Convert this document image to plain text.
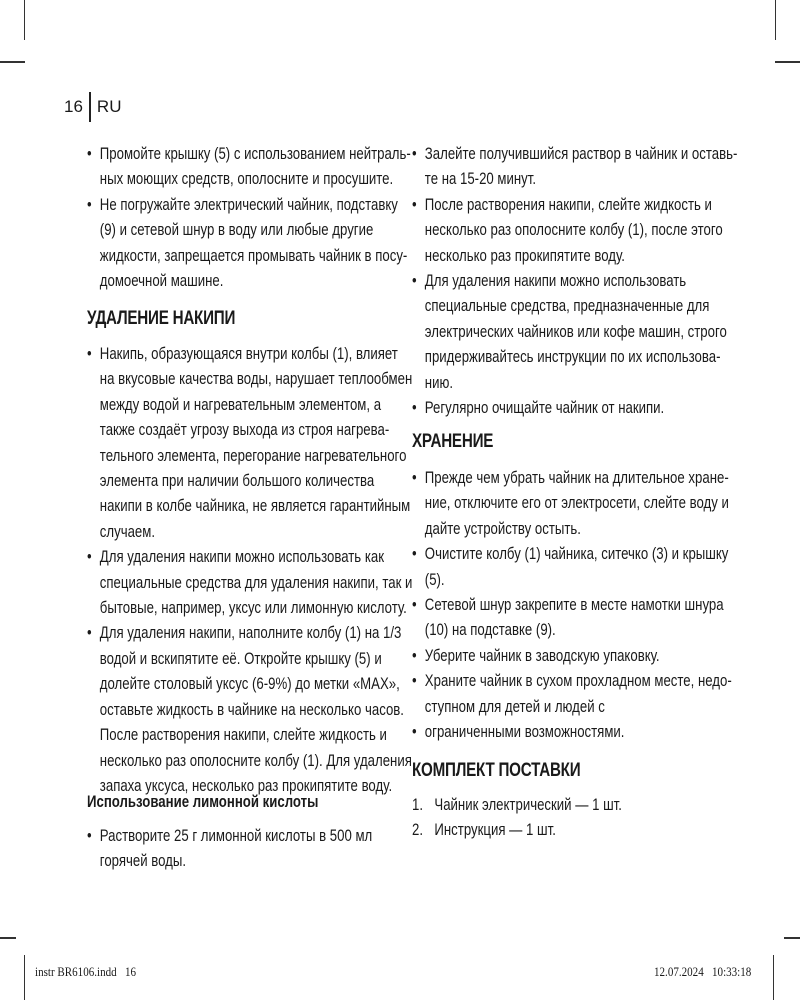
16 RU
• Промойте крышку (5) с использованием нейтраль-
ных моющих средств, ополосните и просушите.
• Не погружайте электрический чайник, подставку
(9) и сетевой шнур в воду или любые другие
жидкости, запрещается промывать чайник в посу-
домоечной машине.
УДАЛЕНИЕ НАКИПИ
• Накипь, образующаяся внутри колбы (1), влияет
на вкусовые качества воды, нарушает теплообмен
между водой и нагревательным элементом, а
также создаёт угрозу выхода из строя нагрева-
тельного элемента, перегорание нагревательного
элемента при наличии большого количества
накипи в колбе чайника, не является гарантийным
случаем.
• Для удаления накипи можно использовать как
специальные средства для удаления накипи, так и
бытовые, например, уксус или лимонную кислоту.
• Для удаления накипи, наполните колбу (1) на 1/3
водой и вскипятите её. Откройте крышку (5) и
долейте столовый уксус (6-9%) до метки «MAX»,
оставьте жидкость в чайнике на несколько часов.
После растворения накипи, слейте жидкость и
несколько раз ополосните колбу (1). Для удаления
запаха уксуса, несколько раз прокипятите воду.
Использование лимонной кислоты
• Растворите 25 г лимонной кислоты в 500 мл
горячей воды.
• Залейте получившийся раствор в чайник и оставь-
те на 15-20 минут.
• После растворения накипи, слейте жидкость и
несколько раз ополосните колбу (1), после этого
несколько раз прокипятите воду.
• Для удаления накипи можно использовать
специальные средства, предназначенные для
электрических чайников или кофе машин, строго
придерживайтесь инструкции по их использова-
нию.
• Регулярно очищайте чайник от накипи.
ХРАНЕНИЕ
• Прежде чем убрать чайник на длительное хране-
ние, отключите его от электросети, слейте воду и
дайте устройству остыть.
• Очистите колбу (1) чайника, ситечко (3) и крышку
(5).
• Сетевой шнур закрепите в месте намотки шнура
(10) на подставке (9).
• Уберите чайник в заводскую упаковку.
• Храните чайник в сухом прохладном месте, недо-
ступном для детей и людей с
• ограниченными возможностями.
КОМПЛЕКТ ПОСТАВКИ
1. Чайник электрический — 1 шт.
2. Инструкция — 1 шт.
instr BR6106.indd   16	12.07.2024   10:33:18
